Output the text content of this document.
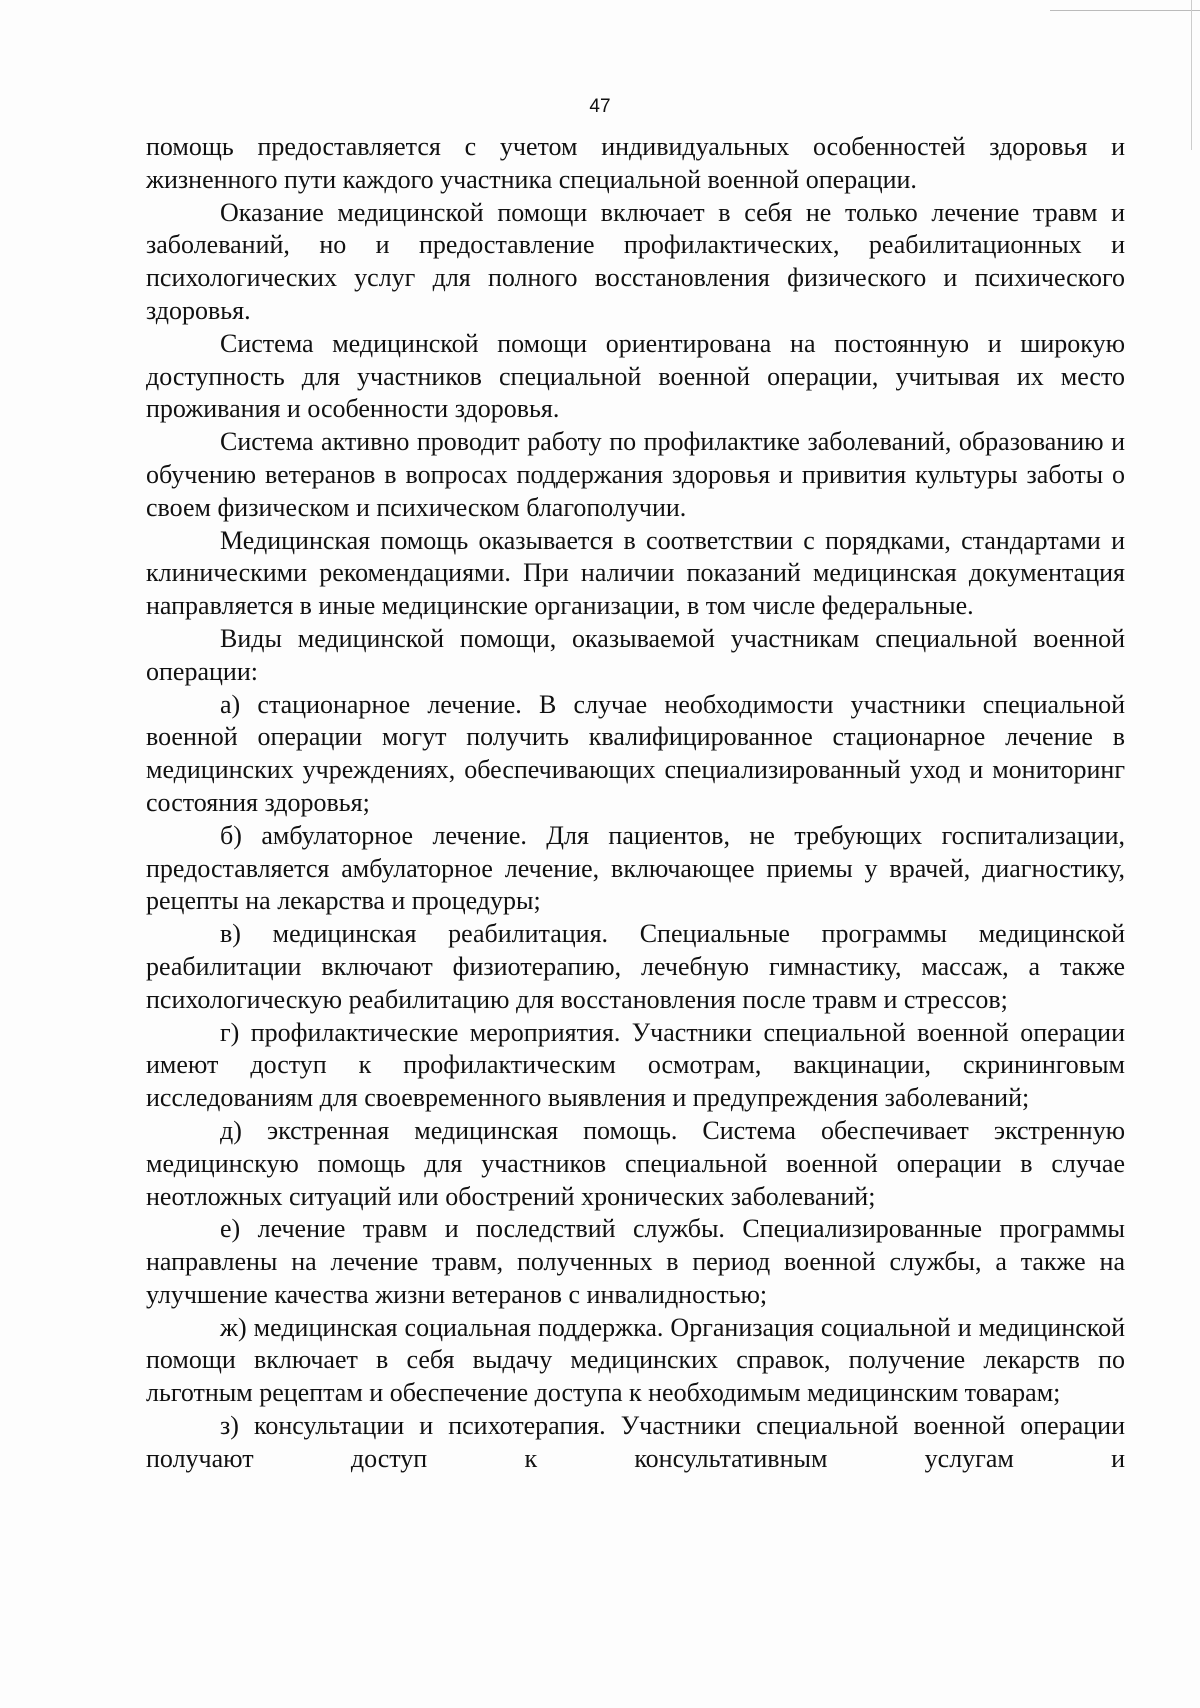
47

помощь предоставляется с учетом индивидуальных особенностей здоровья и жизненного пути каждого участника специальной военной операции.

Оказание медицинской помощи включает в себя не только лечение травм и заболеваний, но и предоставление профилактических, реабилитационных и психологических услуг для полного восстановления физического и психического здоровья.

Система медицинской помощи ориентирована на постоянную и широкую доступность для участников специальной военной операции, учитывая их место проживания и особенности здоровья.

Система активно проводит работу по профилактике заболеваний, образованию и обучению ветеранов в вопросах поддержания здоровья и привития культуры заботы о своем физическом и психическом благополучии.

Медицинская помощь оказывается в соответствии с порядками, стандартами и клиническими рекомендациями. При наличии показаний медицинская документация направляется в иные медицинские организации, в том числе федеральные.

Виды медицинской помощи, оказываемой участникам специальной военной операции:

а) стационарное лечение. В случае необходимости участники специальной военной операции могут получить квалифицированное стационарное лечение в медицинских учреждениях, обеспечивающих специализированный уход и мониторинг состояния здоровья;

б) амбулаторное лечение. Для пациентов, не требующих госпитализации, предоставляется амбулаторное лечение, включающее приемы у врачей, диагностику, рецепты на лекарства и процедуры;

в) медицинская реабилитация. Специальные программы медицинской реабилитации включают физиотерапию, лечебную гимнастику, массаж, а также психологическую реабилитацию для восстановления после травм и стрессов;

г) профилактические мероприятия. Участники специальной военной операции имеют доступ к профилактическим осмотрам, вакцинации, скрининговым исследованиям для своевременного выявления и предупреждения заболеваний;

д) экстренная медицинская помощь. Система обеспечивает экстренную медицинскую помощь для участников специальной военной операции в случае неотложных ситуаций или обострений хронических заболеваний;

е) лечение травм и последствий службы. Специализированные программы направлены на лечение травм, полученных в период военной службы, а также на улучшение качества жизни ветеранов с инвалидностью;

ж) медицинская социальная поддержка. Организация социальной и медицинской помощи включает в себя выдачу медицинских справок, получение лекарств по льготным рецептам и обеспечение доступа к необходимым медицинским товарам;

з) консультации и психотерапия. Участники специальной военной операции получают доступ к консультативным услугам и
